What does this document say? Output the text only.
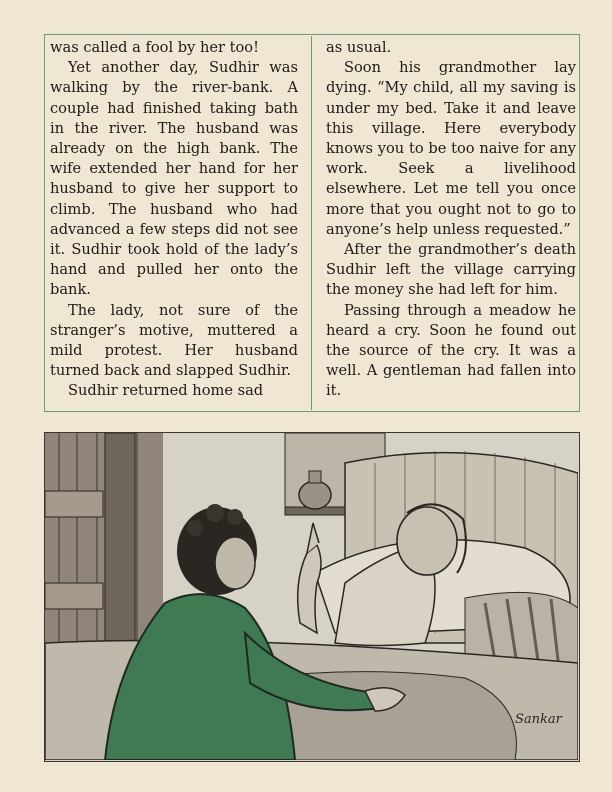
was called a fool by her too!

Yet another day, Sudhir was walking by the river-bank. A couple had finished taking bath in the river. The husband was already on the high bank. The wife extended her hand for her husband to give her support to climb. The husband who had advanced a few steps did not see it. Sudhir took hold of the lady’s hand and pulled her onto the bank.

The lady, not sure of the stranger’s motive, muttered a mild protest. Her husband turned back and slapped Sudhir.

Sudhir returned home sad

as usual.

Soon his grandmother lay dying. “My child, all my saving is under my bed. Take it and leave this village. Here everybody knows you to be too naive for any work. Seek a livelihood elsewhere. Let me tell you once more that you ought not to go to anyone’s help unless requested.”

After the grandmother’s death Sudhir left the village carrying the money she had left for him.

Passing through a meadow he heard a cry. Soon he found out the source of the cry. It was a well. A gentleman had fallen into it.

Sankar
